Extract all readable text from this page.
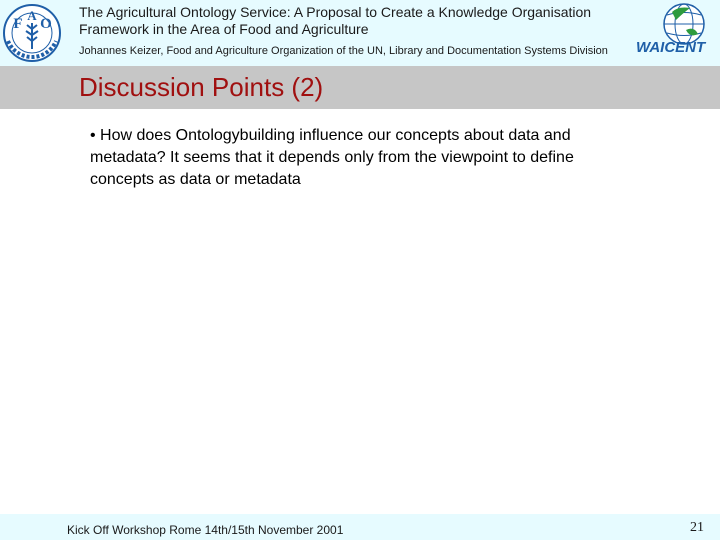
F
A
O
The Agricultural Ontology Service: A Proposal to Create a Knowledge Organisation Framework in the Area of Food and Agriculture
Johannes Keizer, Food and Agriculture Organization of the UN, Library and Documentation Systems Division	WAICENT
Discussion Points (2)
• How does Ontologybuilding influence our concepts about data and metadata? It seems that it depends only from the viewpoint to define concepts as data or metadata
Kick Off Workshop Rome 14th/15th November 2001	21
